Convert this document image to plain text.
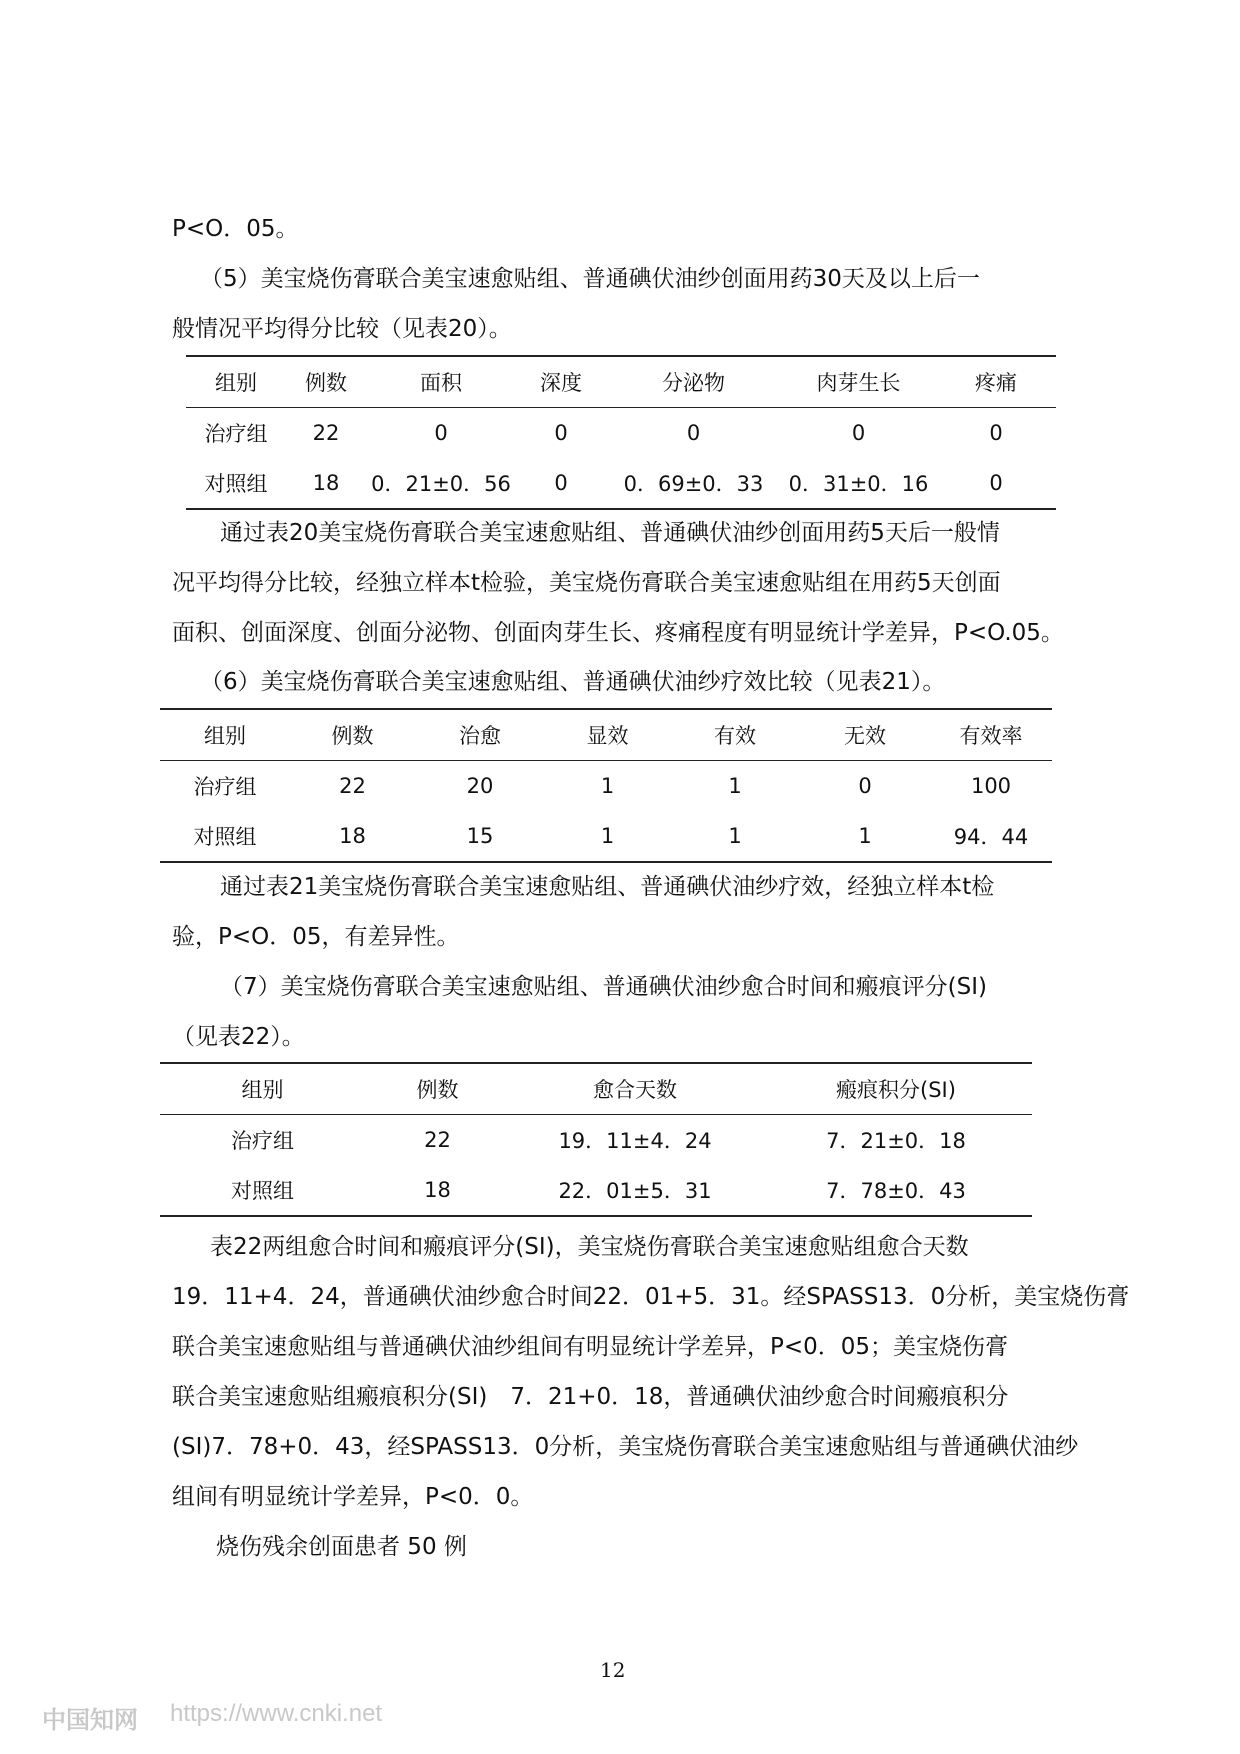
P<O．05。
（5）美宝烧伤膏联合美宝速愈贴组、普通碘伏油纱创面用药30天及以上后一
般情况平均得分比较（见表20）。
组别	例数	面积	深度	分泌物	肉芽生长	疼痛
治疗组	22	0	0	0	0	0
对照组	18	0．21±0．56	0	0．69±0．33	0．31±0．16	0
通过表20美宝烧伤膏联合美宝速愈贴组、普通碘伏油纱创面用药5天后一般情
况平均得分比较，经独立样本t检验，美宝烧伤膏联合美宝速愈贴组在用药5天创面
面积、创面深度、创面分泌物、创面肉芽生长、疼痛程度有明显统计学差异，P<O.05。
（6）美宝烧伤膏联合美宝速愈贴组、普通碘伏油纱疗效比较（见表21）。
组别	例数	治愈	显效	有效	无效	有效率
治疗组	22	20	1	1	0	100
对照组	18	15	1	1	1	94．44
通过表21美宝烧伤膏联合美宝速愈贴组、普通碘伏油纱疗效，经独立样本t检
验，P<O．05，有差异性。
（7）美宝烧伤膏联合美宝速愈贴组、普通碘伏油纱愈合时间和瘢痕评分(SI)
（见表22）。
组别	例数	愈合天数	瘢痕积分(SI)
治疗组	22	19．11±4．24	7．21±0．18
对照组	18	22．01±5．31	7．78±0．43
表22两组愈合时间和瘢痕评分(SI)，美宝烧伤膏联合美宝速愈贴组愈合天数
19．11+4．24，普通碘伏油纱愈合时间22．01+5．31。经SPASS13．0分析，美宝烧伤膏
联合美宝速愈贴组与普通碘伏油纱组间有明显统计学差异，P<0．05；美宝烧伤膏
联合美宝速愈贴组瘢痕积分(SI)　7．21+0．18，普通碘伏油纱愈合时间瘢痕积分
(SI)7．78+0．43，经SPASS13．0分析，美宝烧伤膏联合美宝速愈贴组与普通碘伏油纱
组间有明显统计学差异，P<0．0。
烧伤残余创面患者 50 例
12
中国知网 https://www.cnki.net
